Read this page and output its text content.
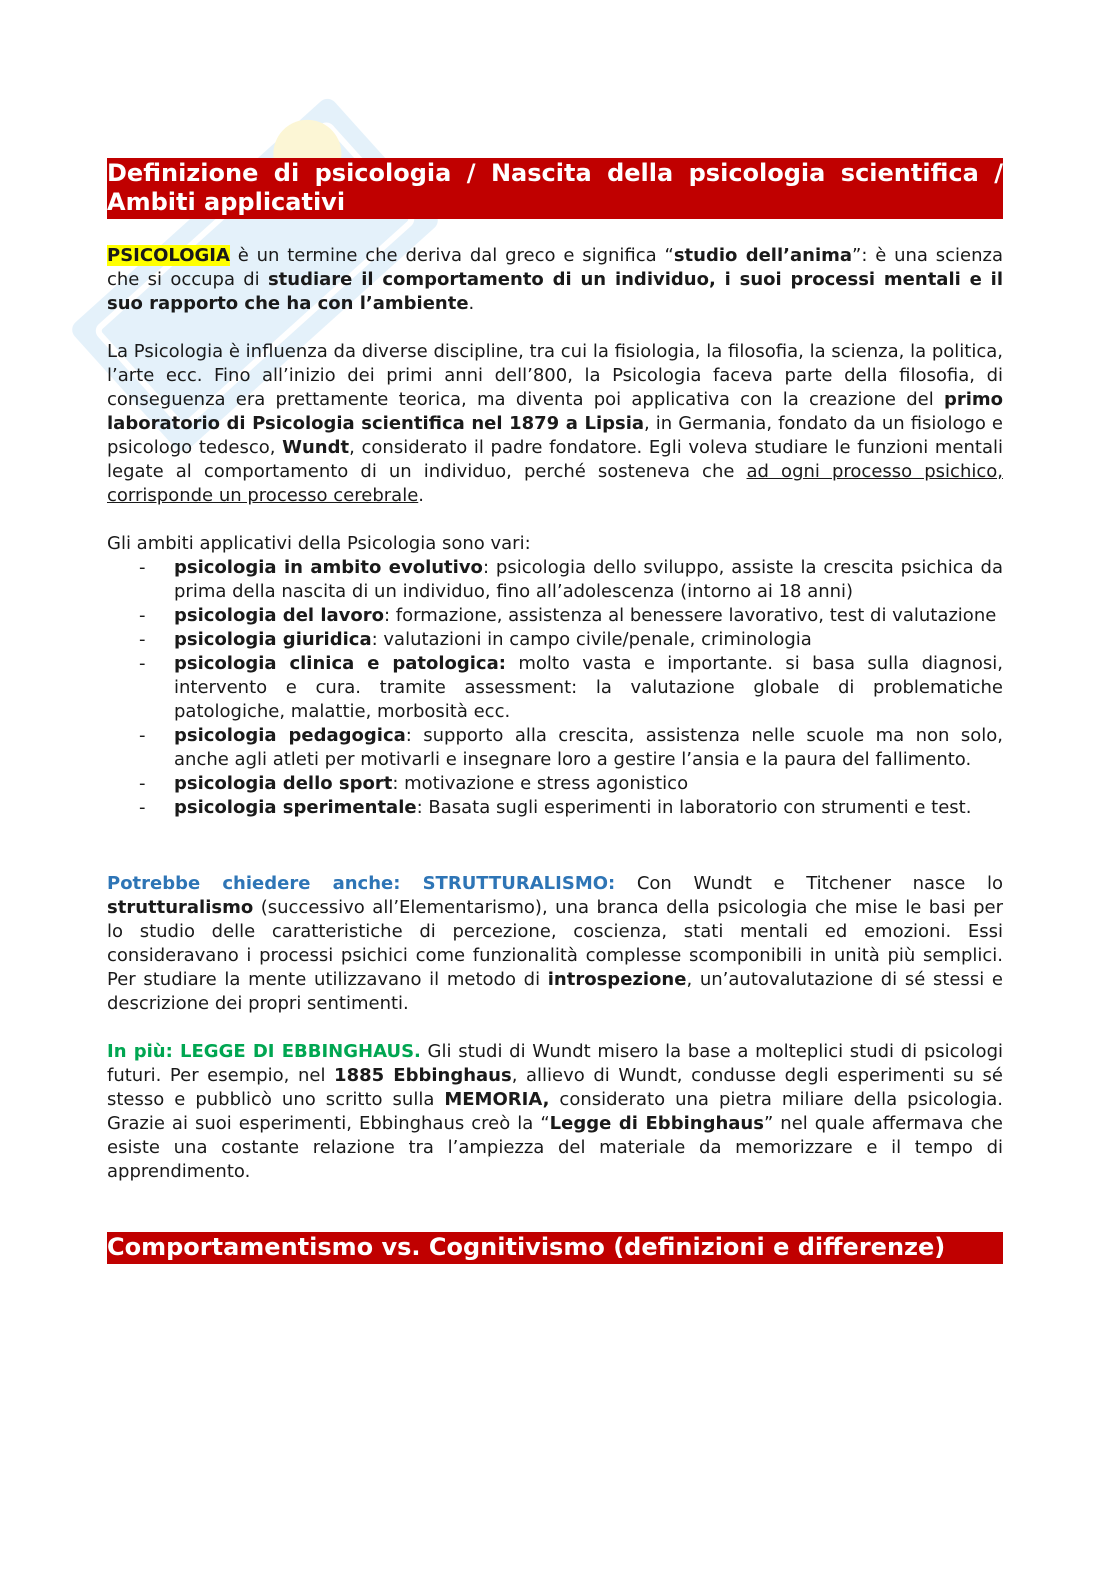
Definizione di psicologia / Nascita della psicologia scientifica / Ambiti applicativi

PSICOLOGIA è un termine che deriva dal greco e significa “studio dell’anima”: è una scienza che si occupa di studiare il comportamento di un individuo, i suoi processi mentali e il suo rapporto che ha con l’ambiente.

La Psicologia è influenza da diverse discipline, tra cui la fisiologia, la filosofia, la scienza, la politica, l’arte ecc. Fino all’inizio dei primi anni dell’800, la Psicologia faceva parte della filosofia, di conseguenza era prettamente teorica, ma diventa poi applicativa con la creazione del primo laboratorio di Psicologia scientifica nel 1879 a Lipsia, in Germania, fondato da un fisiologo e psicologo tedesco, Wundt, considerato il padre fondatore. Egli voleva studiare le funzioni mentali legate al comportamento di un individuo, perché sosteneva che ad ogni processo psichico, corrisponde un processo cerebrale.

Gli ambiti applicativi della Psicologia sono vari:

- psicologia in ambito evolutivo: psicologia dello sviluppo, assiste la crescita psichica da prima della nascita di un individuo, fino all’adolescenza (intorno ai 18 anni)
- psicologia del lavoro: formazione, assistenza al benessere lavorativo, test di valutazione
- psicologia giuridica: valutazioni in campo civile/penale, criminologia
- psicologia clinica e patologica: molto vasta e importante. si basa sulla diagnosi, intervento e cura. tramite assessment: la valutazione globale di problematiche patologiche, malattie, morbosità ecc.
- psicologia pedagogica: supporto alla crescita, assistenza nelle scuole ma non solo, anche agli atleti per motivarli e insegnare loro a gestire l’ansia e la paura del fallimento.
- psicologia dello sport: motivazione e stress agonistico
- psicologia sperimentale: Basata sugli esperimenti in laboratorio con strumenti e test.

Potrebbe chiedere anche: STRUTTURALISMO: Con Wundt e Titchener nasce lo strutturalismo (successivo all’Elementarismo), una branca della psicologia che mise le basi per lo studio delle caratteristiche di percezione, coscienza, stati mentali ed emozioni. Essi consideravano i processi psichici come funzionalità complesse scomponibili in unità più semplici. Per studiare la mente utilizzavano il metodo di introspezione, un’autovalutazione di sé stessi e descrizione dei propri sentimenti.

In più: LEGGE DI EBBINGHAUS. Gli studi di Wundt misero la base a molteplici studi di psicologi futuri. Per esempio, nel 1885 Ebbinghaus, allievo di Wundt, condusse degli esperimenti su sé stesso e pubblicò uno scritto sulla MEMORIA, considerato una pietra miliare della psicologia. Grazie ai suoi esperimenti, Ebbinghaus creò la “Legge di Ebbinghaus” nel quale affermava che esiste una costante relazione tra l’ampiezza del materiale da memorizzare e il tempo di apprendimento.

Comportamentismo vs. Cognitivismo (definizioni e differenze)
